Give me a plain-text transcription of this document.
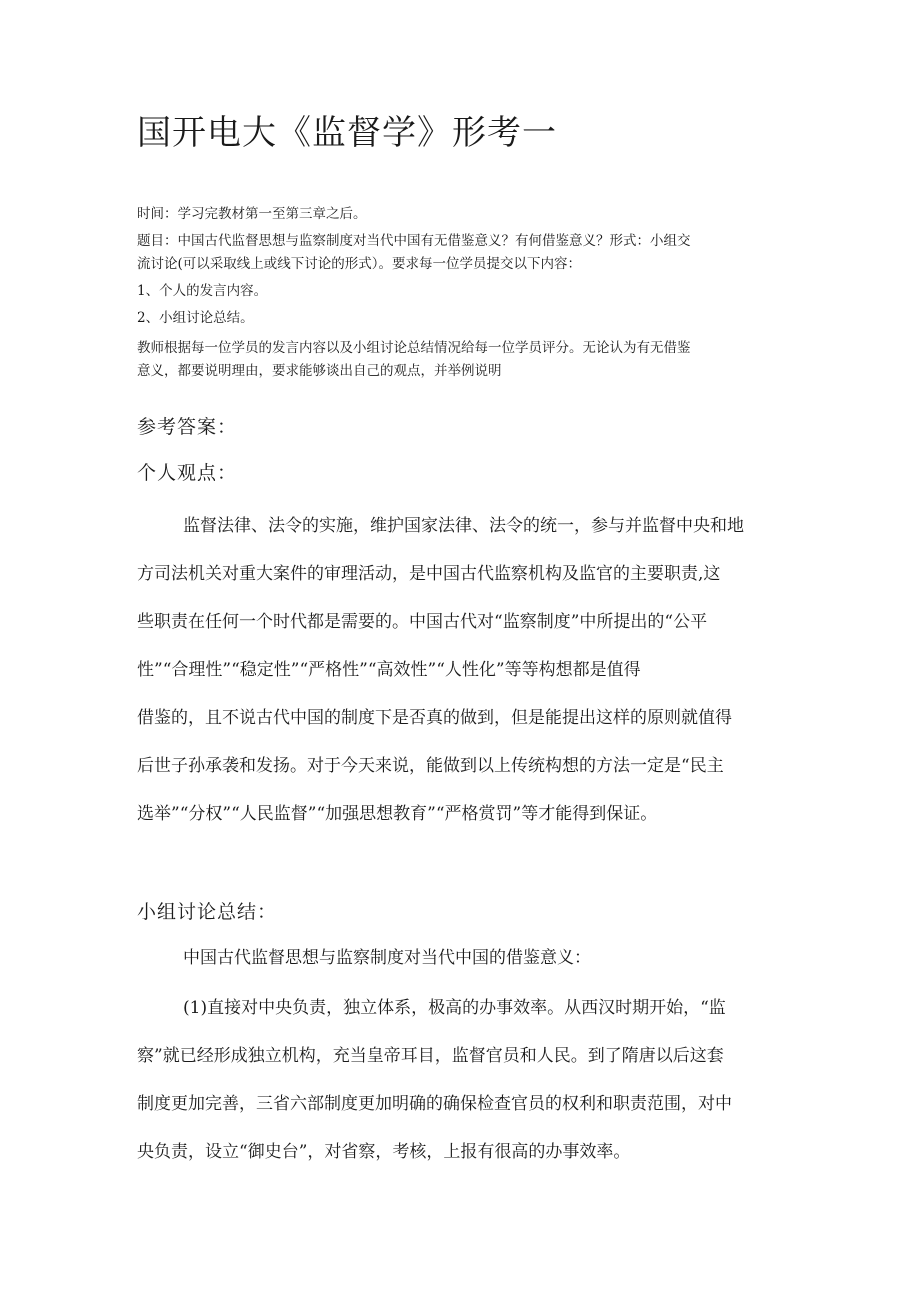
国开电大《监督学》形考一

时间：学习完教材第一至第三章之后。

题目：中国古代监督思想与监察制度对当代中国有无借鉴意义？有何借鉴意义？形式：小组交

流讨论(可以采取线上或线下讨论的形式）。要求每一位学员提交以下内容：

1、个人的发言内容。

2、小组讨论总结。

教师根据每一位学员的发言内容以及小组讨论总结情况给每一位学员评分。无论认为有无借鉴

意义，都要说明理由，要求能够谈出自己的观点，并举例说明

参考答案：
个人观点：

监督法律、法令的实施，维护国家法律、法令的统一，参与并监督中央和地

方司法机关对重大案件的审理活动，是中国古代监察机构及监官的主要职责,这

些职责在任何一个时代都是需要的。中国古代对“监察制度”中所提出的“公平

性”“合理性”“稳定性”“严格性”“高效性”“人性化”等等构想都是值得

借鉴的，且不说古代中国的制度下是否真的做到，但是能提出这样的原则就值得

后世子孙承袭和发扬。对于今天来说，能做到以上传统构想的方法一定是“民主

选举”“分权”“人民监督”“加强思想教育”“严格赏罚”等才能得到保证。

小组讨论总结：

中国古代监督思想与监察制度对当代中国的借鉴意义：

(1)直接对中央负责，独立体系，极高的办事效率。从西汉时期开始，“监

察”就已经形成独立机构，充当皇帝耳目，监督官员和人民。到了隋唐以后这套

制度更加完善，三省六部制度更加明确的确保检查官员的权利和职责范围，对中

央负责，设立“御史台”，对省察，考核，上报有很高的办事效率。
